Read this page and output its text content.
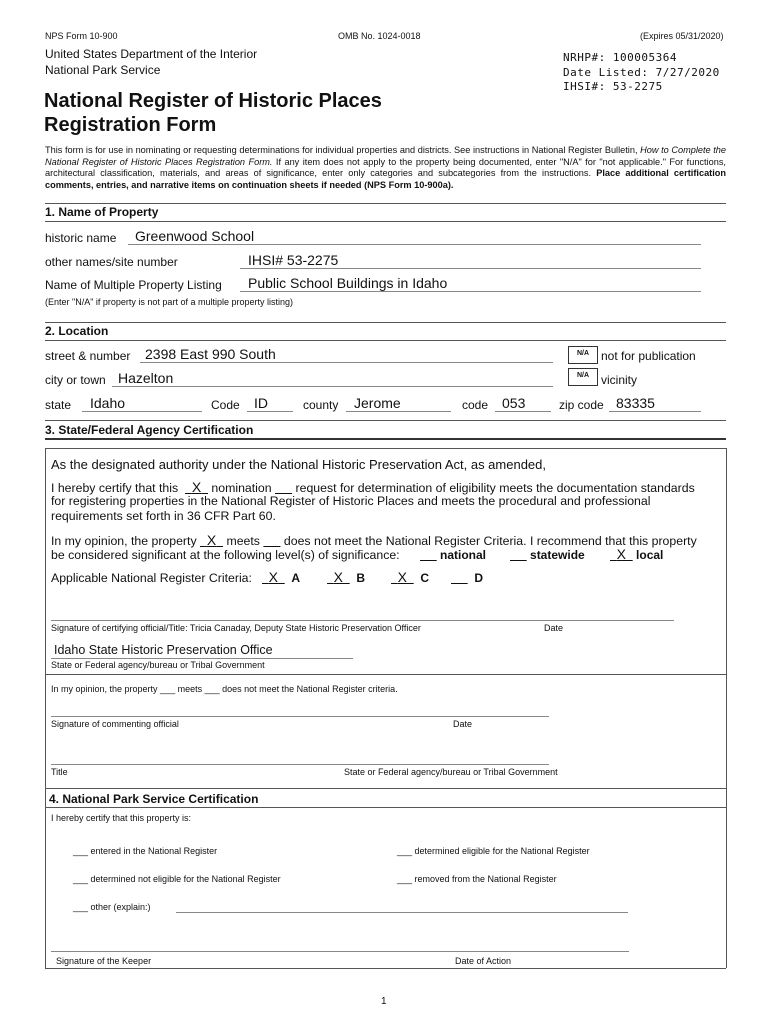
NPS Form 10-900	OMB No. 1024-0018	(Expires 05/31/2020)
United States Department of the Interior
National Park Service
NRHP#: 100005364
Date Listed: 7/27/2020
IHSI#: 53-2275
National Register of Historic Places
Registration Form
This form is for use in nominating or requesting determinations for individual properties and districts. See instructions in National Register Bulletin, How to Complete the National Register of Historic Places Registration Form. If any item does not apply to the property being documented, enter "N/A" for "not applicable." For functions, architectural classification, materials, and areas of significance, enter only categories and subcategories from the instructions. Place additional certification comments, entries, and narrative items on continuation sheets if needed (NPS Form 10-900a).
1. Name of Property
historic name Greenwood School
other names/site number	IHSI# 53-2275
Name of Multiple Property Listing Public School Buildings in Idaho
(Enter "N/A" if property is not part of a multiple property listing)
2. Location
street & number 2398 East 990 South	N/A not for publication
city or town Hazelton	N/A vicinity
state Idaho	Code ID	county Jerome	code 053	zip code 83335
3. State/Federal Agency Certification
As the designated authority under the National Historic Preservation Act, as amended,
I hereby certify that this X nomination request for determination of eligibility meets the documentation standards
for registering properties in the National Register of Historic Places and meets the procedural and professional
requirements set forth in 36 CFR Part 60.
In my opinion, the property X meets does not meet the National Register Criteria. I recommend that this property
be considered significant at the following level(s) of significance:	national	statewide	X local
Applicable National Register Criteria:	X A	X B	X C	D
Signature of certifying official/Title: Tricia Canaday, Deputy State Historic Preservation Officer	Date
Idaho State Historic Preservation Office
State or Federal agency/bureau or Tribal Government
In my opinion, the property ___ meets ___ does not meet the National Register criteria.
Signature of commenting official	Date
Title	State or Federal agency/bureau or Tribal Government
4. National Park Service Certification
I hereby certify that this property is:
___ entered in the National Register	___ determined eligible for the National Register
___ determined not eligible for the National Register	___ removed from the National Register
___ other (explain:)
Signature of the Keeper	Date of Action
1
